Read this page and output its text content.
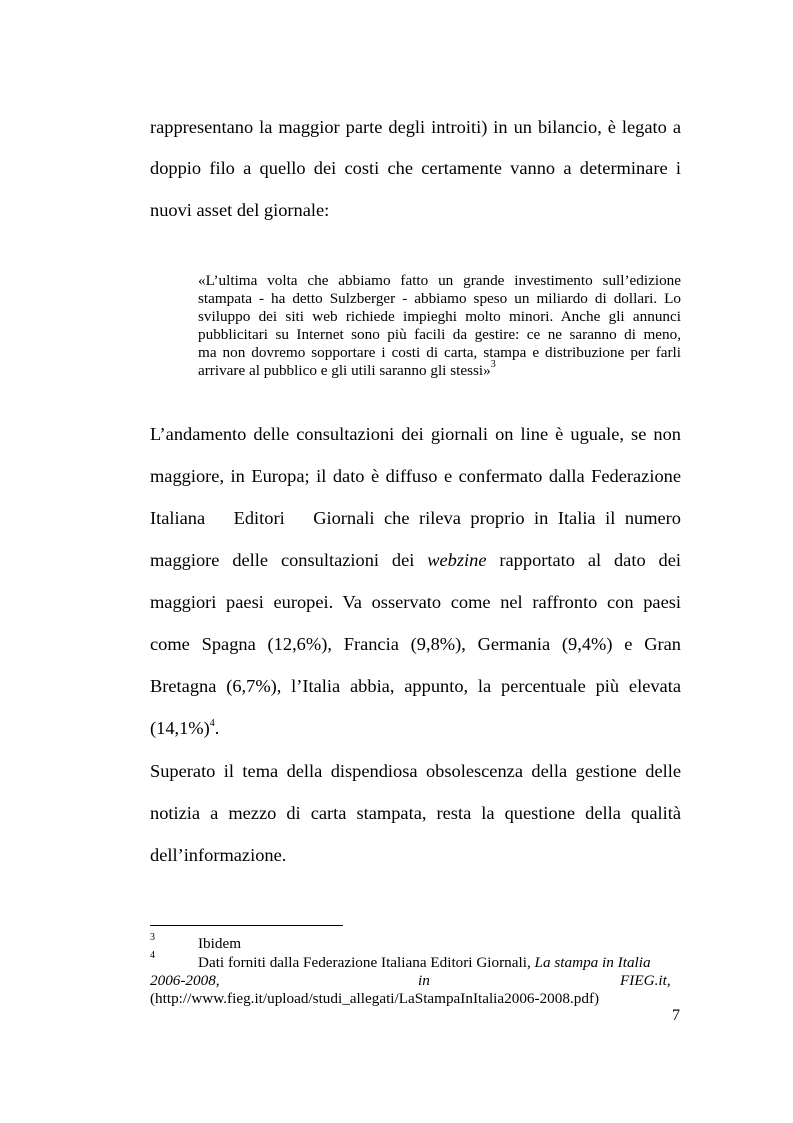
rappresentano la maggior parte degli introiti) in un bilancio, è legato a
doppio filo a quello dei costi che certamente vanno a determinare i
nuovi asset del giornale:
«L’ultima volta che abbiamo fatto un grande investimento sull’edizione
stampata - ha detto Sulzberger - abbiamo speso un miliardo di dollari. Lo
sviluppo dei siti web richiede impieghi molto minori. Anche gli annunci
pubblicitari su Internet sono più facili da gestire: ce ne saranno di meno,
ma non dovremo sopportare i costi di carta, stampa e distribuzione per farli
arrivare al pubblico e gli utili saranno gli stessi»$^3$
L’andamento delle consultazioni dei giornali on line è uguale, se non
maggiore, in Europa; il dato è diffuso e confermato dalla Federazione
Italiana   Editori   Giornali che rileva proprio in Italia il numero
maggiore delle consultazioni dei webzine rapportato al dato dei
maggiori paesi europei. Va osservato come nel raffronto con paesi
come Spagna (12,6%), Francia (9,8%), Germania (9,4%) e Gran
Bretagna (6,7%), l’Italia abbia, appunto, la percentuale più elevata
$(14,1\%)^4$.
Superato il tema della dispendiosa obsolescenza della gestione delle
notizia a mezzo di carta stampata, resta la questione della qualità
dell’informazione.
3	Ibidem
4	Dati forniti dalla Federazione Italiana Editori Giornali, La stampa in Italia
2006-2008,	in	FIEG.it,
(http://www.fieg.it/upload/studi_allegati/LaStampaInItalia2006-2008.pdf)
7
